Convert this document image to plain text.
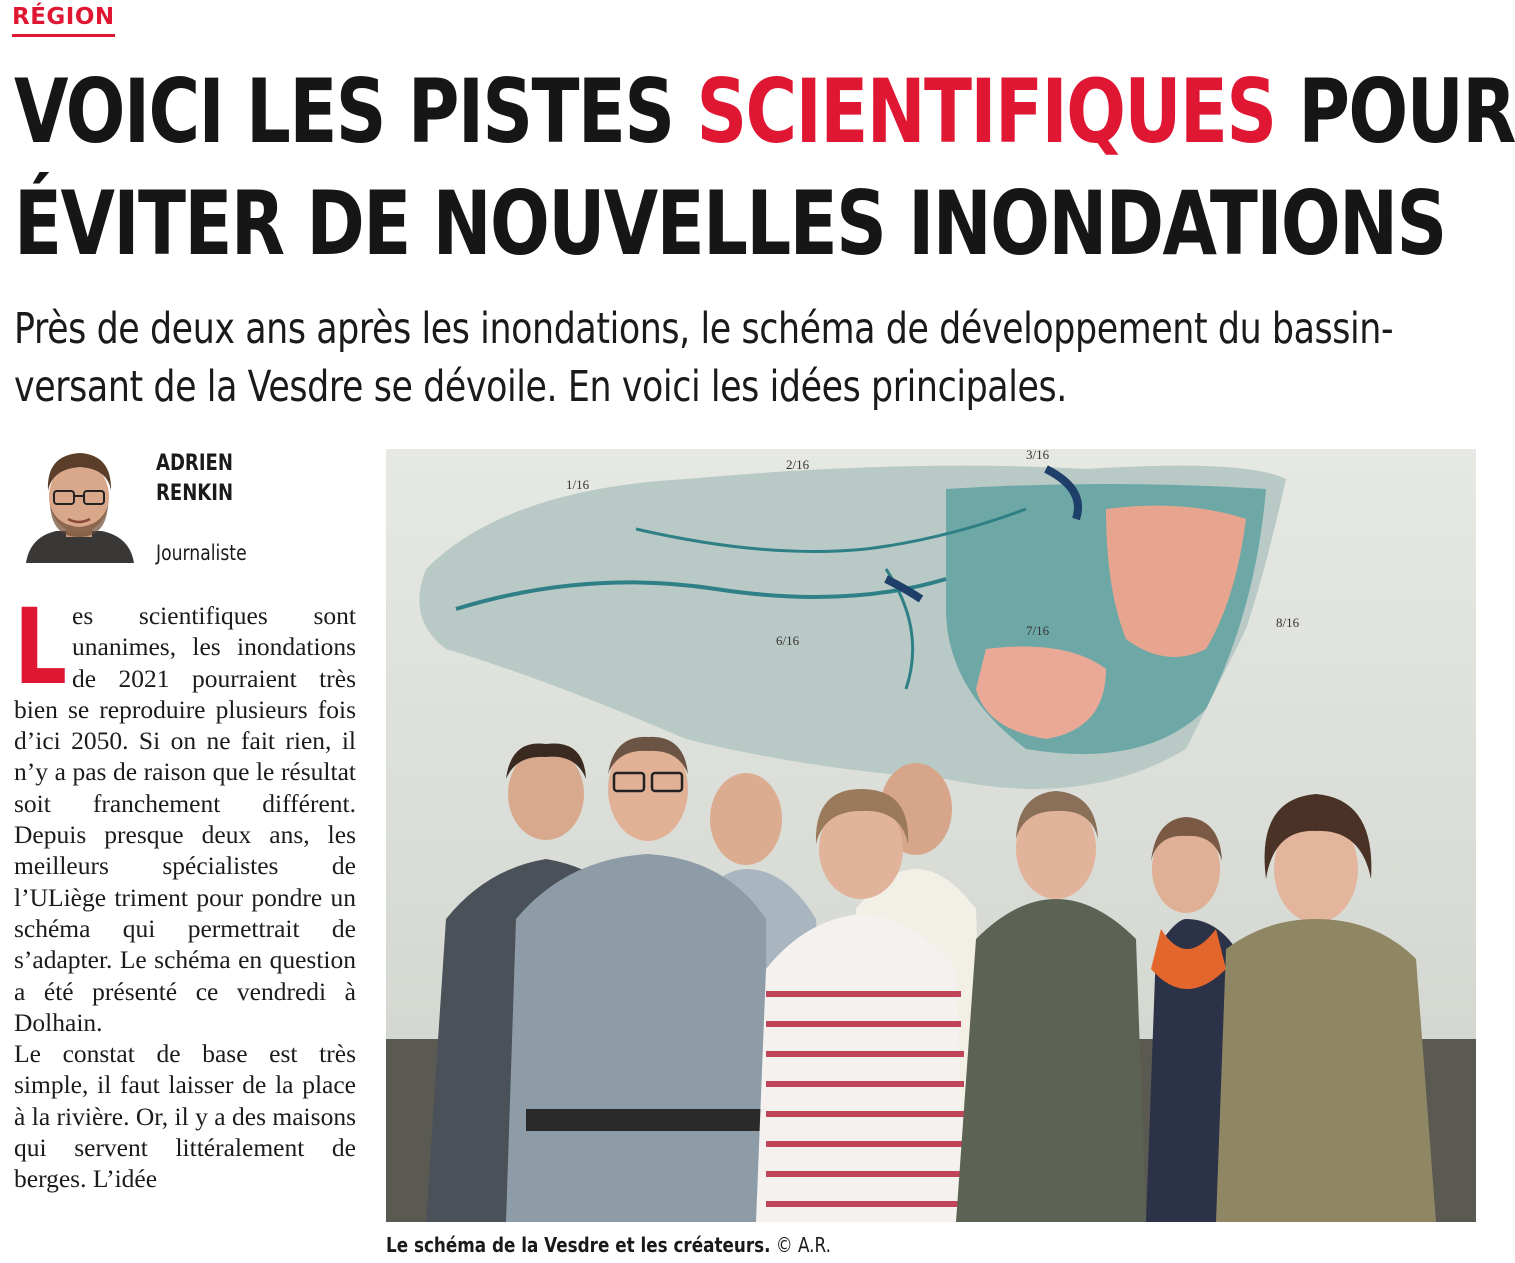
RÉGION
VOICI LES PISTES SCIENTIFIQUES POUR
ÉVITER DE NOUVELLES INONDATIONS

Près de deux ans après les inondations, le schéma de développement du bassin-versant de la Vesdre se dévoile. En voici les idées principales.

ADRIEN
RENKIN

Journaliste

Les scientifiques sont unanimes, les inondations de 2021 pourraient très bien se reproduire plusieurs fois d’ici 2050. Si on ne fait rien, il n’y a pas de raison que le résultat soit franchement différent. Depuis presque deux ans, les meilleurs spécialistes de l’ULiège triment pour pondre un schéma qui permettrait de s’adapter. Le schéma en question a été présenté ce vendredi à Dolhain.

Le constat de base est très simple, il faut laisser de la place à la rivière. Or, il y a des maisons qui servent littéralement de berges. L’idée

1/16
2/16
3/16
6/16
7/16
8/16

Le schéma de la Vesdre et les créateurs. © A.R.
